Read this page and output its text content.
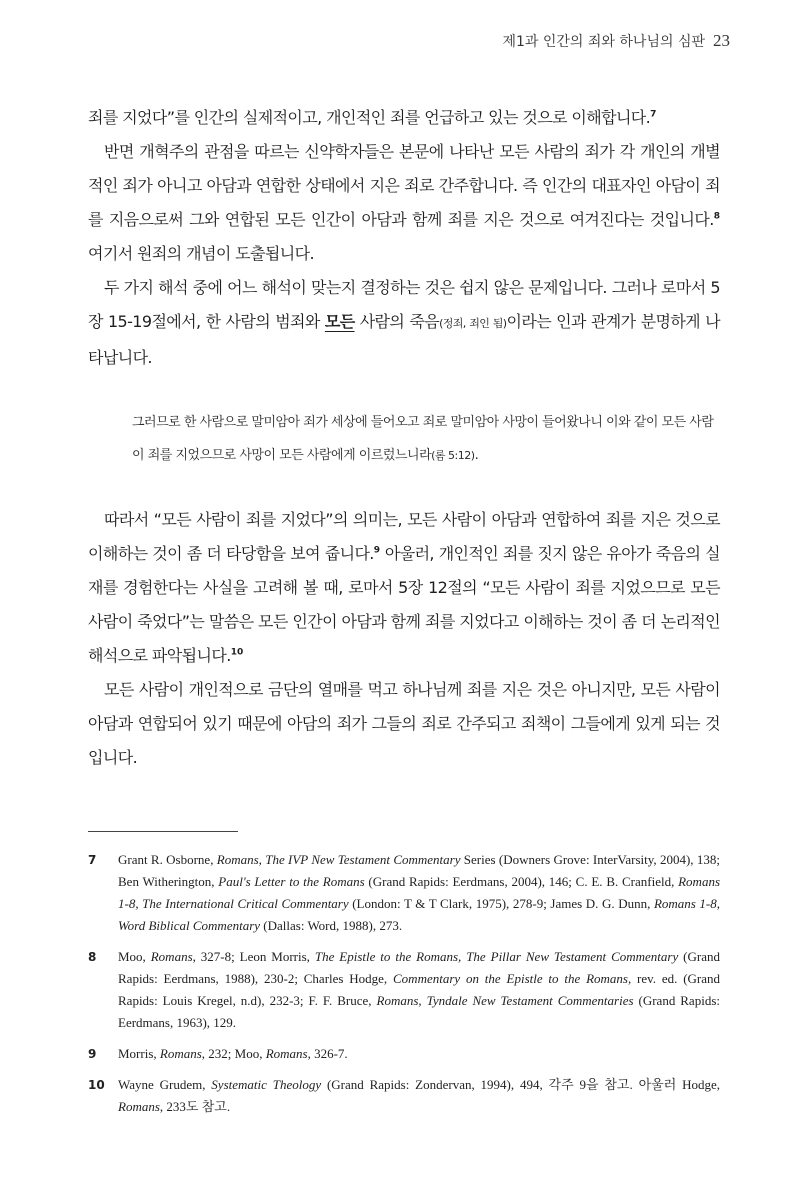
제1과 인간의 죄와 하나님의 심판 23

죄를 지었다”를 인간의 실제적이고, 개인적인 죄를 언급하고 있는 것으로 이해합니다.$^7$

반면 개혁주의 관점을 따르는 신약학자들은 본문에 나타난 모든 사람의 죄가 각 개인의 개별적인 죄가 아니고 아담과 연합한 상태에서 지은 죄로 간주합니다. 즉 인간의 대표자인 아담이 죄를 지음으로써 그와 연합된 모든 인간이 아담과 함께 죄를 지은 것으로 여겨진다는 것입니다.$^8$ 여기서 원죄의 개념이 도출됩니다.

두 가지 해석 중에 어느 해석이 맞는지 결정하는 것은 쉽지 않은 문제입니다. 그러나 로마서 5장 15-19절에서, 한 사람의 범죄와 모든 사람의 죽음(정죄, 죄인 됨)이라는 인과 관계가 분명하게 나타납니다.

그러므로 한 사람으로 말미암아 죄가 세상에 들어오고 죄로 말미암아 사망이 들어왔나니 이와 같이 모든 사람이 죄를 지었으므로 사망이 모든 사람에게 이르렀느니라(롬 5:12).

따라서 “모든 사람이 죄를 지었다”의 의미는, 모든 사람이 아담과 연합하여 죄를 지은 것으로 이해하는 것이 좀 더 타당함을 보여 줍니다.$^9$ 아울러, 개인적인 죄를 짓지 않은 유아가 죽음의 실재를 경험한다는 사실을 고려해 볼 때, 로마서 5장 12절의 “모든 사람이 죄를 지었으므로 모든 사람이 죽었다”는 말씀은 모든 인간이 아담과 함께 죄를 지었다고 이해하는 것이 좀 더 논리적인 해석으로 파악됩니다.$^{10}$

모든 사람이 개인적으로 금단의 열매를 먹고 하나님께 죄를 지은 것은 아니지만, 모든 사람이 아담과 연합되어 있기 때문에 아담의 죄가 그들의 죄로 간주되고 죄책이 그들에게 있게 되는 것입니다.

7 Grant R. Osborne, Romans, The IVP New Testament Commentary Series (Downers Grove: InterVarsity, 2004), 138; Ben Witherington, Paul's Letter to the Romans (Grand Rapids: Eerdmans, 2004), 146; C. E. B. Cranfield, Romans 1-8, The International Critical Commentary (London: T & T Clark, 1975), 278-9; James D. G. Dunn, Romans 1-8, Word Biblical Commentary (Dallas: Word, 1988), 273.
8 Moo, Romans, 327-8; Leon Morris, The Epistle to the Romans, The Pillar New Testament Commentary (Grand Rapids: Eerdmans, 1988), 230-2; Charles Hodge, Commentary on the Epistle to the Romans, rev. ed. (Grand Rapids: Louis Kregel, n.d), 232-3; F. F. Bruce, Romans, Tyndale New Testament Commentaries (Grand Rapids: Eerdmans, 1963), 129.
9 Morris, Romans, 232; Moo, Romans, 326-7.
10 Wayne Grudem, Systematic Theology (Grand Rapids: Zondervan, 1994), 494, 각주 9을 참고. 아울러 Hodge, Romans, 233도 참고.
